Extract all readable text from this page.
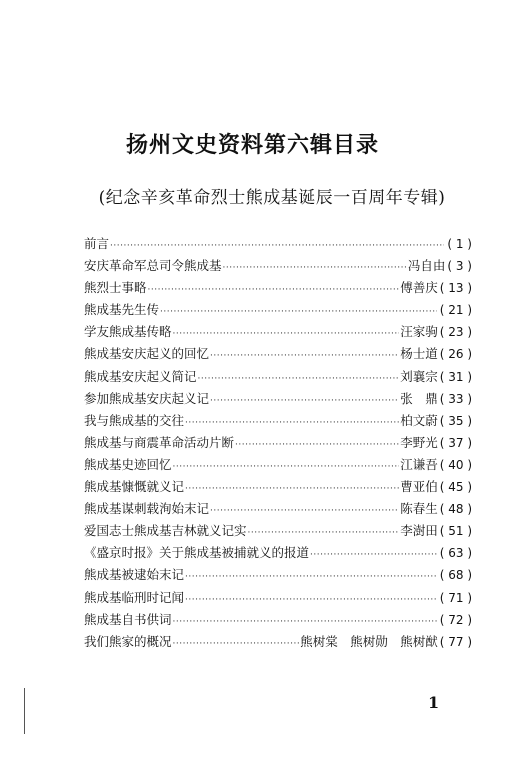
扬州文史资料第六辑目录
(纪念辛亥革命烈士熊成基诞辰一百周年专辑)
前言 ·····	( 1 )
安庆革命军总司令熊成基 ·····	冯自由 ( 3 )
熊烈士事略 ·····	傅善庆 ( 13 )
熊成基先生传 ·····	( 21 )
学友熊成基传略 ·····	汪家驹 ( 23 )
熊成基安庆起义的回忆 ·····	杨士道 ( 26 )
熊成基安庆起义简记 ·····	刘襄宗 ( 31 )
参加熊成基安庆起义记 ·····	张　鼎 ( 33 )
我与熊成基的交往 ·····	柏文蔚 ( 35 )
熊成基与商震革命活动片断 ·····	李野光 ( 37 )
熊成基史迹回忆 ·····	江谦吾 ( 40 )
熊成基慷慨就义记 ·····	曹亚伯 ( 45 )
熊成基谋刺载洵始末记 ·····	陈春生 ( 48 )
爱国志士熊成基吉林就义记实 ·····	李澍田 ( 51 )
《盛京时报》关于熊成基被捕就义的报道 ·····	( 63 )
熊成基被逮始末记 ·····	( 68 )
熊成基临刑时记闻 ·····	( 71 )
熊成基自书供词 ·····	( 72 )
我们熊家的概况 ·····	熊树棠　熊树勋　熊树猷 ( 77 )
1
